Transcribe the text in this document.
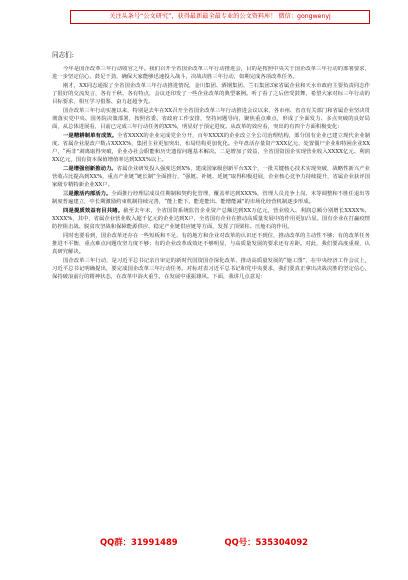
关注头条号“公文研究”，获得最新最全最专业的公文资料库！ 微信：gongwenyj
同志们:

今年是国企改革三年行动收官之年。我们召开全省国企改革三年行动推进会，目的是按照中央关于国企改革三年行动的部署要求，进一步坚定信心、鼓足干劲，确保大家能够迅速投入战斗，决战决胜三年行动，如期完成各项改革任务。

刚才，XX同志通报了全省国企改革三年行动推进情况，金川集团、酒钢集团、兰石集团3家省属企业和天水市政府主要负责同志作了很好的交流发言，各有千秋、各有特点，会议还印发了一些企业改革的典型案例。听了看了之后倍受鼓舞，希望大家对标三年行动的目标要求，相互学习借鉴、奋力赶超争先。

国企改革三年行动实施以来，特别是去年在XX召开全省国企改革三年行动推进会议以来，各市州、省直有关部门和省属企业坚决贯彻落实党中央、国务院决策部署，按照省委、省政府工作安排，坚持问题导向，聚焦重点难点，形成了全面发力、多点突破的良好局面，从总体进展看，目前已完成三年行动任务的XX%，明显好于预定进度。从改革的效应看，突出的有四个方面积极变化：

一是精耕制单有成效。全省XXXX的企业完成党企分开，百年XXXX的企业改立全公司治理结构，部分国有企业已建立现代企业制度。省属企业混改户数占XXXX%，集团主业更加突出，布局结构更加优化。全年盘活存量资产XXX亿元，处置僵尸企业和特困企业XX户，“两非”剥离取得突破，企业办社会职能和历史遗留问题基本解决。二是增加了效益，全省国资国企实现营业收入XXXX亿元、利润XX亿元，国有资本保值增值率达到XXX%以上。

二是增强创新推动力。省属企业研发投入强度达到X%，建成国家级创新平台XX个，一批关键核心技术实现突破，战略性新兴产业营收占比提高到XX%，重点产业链“链长制”全面推行，“强链、补链、延链”取得积极进展，企业核心竞争力持续提升，省属企业获评国家级专精特新企业XX户。

三是激活内部活力。全面推行经理层成员任期制和契约化管理，覆盖率达到XXX%，管理人员竞争上岗、末等调整和不胜任退出等制度普遍建立，中长期激励约束机制持续完善，“能上能下、能进能出、能增能减”的市场化经营机制逐步形成。

四是提质效益有目共睹。截至去年末，全省国资系统监管企业资产总额达到XX万亿元，营业收入、利润总额分别增长XXXX%、XXXX%，其中，省属企业营业收入超千亿元的企业达到X户，全省国有企业在推动高质量发展中的作用更加凸显。国有企业在打赢疫情防控阻击战、脱贫攻坚战和保障能源供应、稳定产业链供应链等方面，发挥了顶梁柱、压舱石的作用。

同时也要看到，国企改革还存在一些短板和不足，有的地方和企业对改革的认识还不到位，推动改革的主动性不够；有的改革任务推进不平衡，重点难点问题攻坚力度不够；有的企业改革成效还不够明显，与高质量发展的要求还有差距。对此，我们要高度重视，认真研究解决。

国企改革三年行动，是习近平总书记亲自审定的新时代国资国企深化改革、推动高质量发展的“施工图”，在中央经济工作会议上，习近平总书记明确提出，要完成国企改革三年行动任务。对标对表习近平总书记和党中央要求，我们要真正拿出决战决胜的坚定信心，保持破浪前行的精神状态，在改革中浴火重生，在发展中重振雄风。下面，我讲几点意见：

QQ群：31991489	QQ号：535304092
